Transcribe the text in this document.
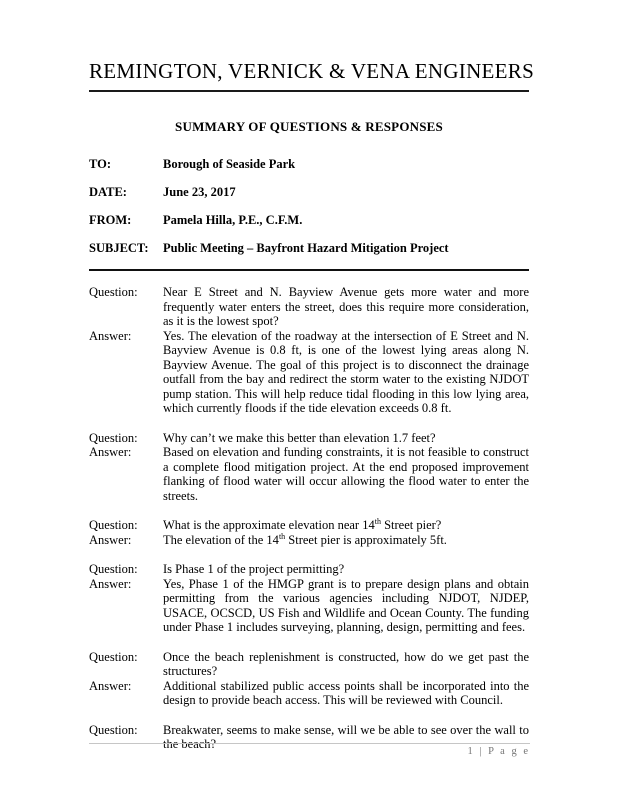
REMINGTON, VERNICK & VENA ENGINEERS
SUMMARY OF QUESTIONS & RESPONSES
TO:	Borough of Seaside Park
DATE:	June 23, 2017
FROM:	Pamela Hilla, P.E., C.F.M.
SUBJECT:	Public Meeting – Bayfront Hazard Mitigation Project
Question:	Near E Street and N. Bayview Avenue gets more water and more frequently water enters the street, does this require more consideration, as it is the lowest spot?
Answer:	Yes. The elevation of the roadway at the intersection of E Street and N. Bayview Avenue is 0.8 ft, is one of the lowest lying areas along N. Bayview Avenue. The goal of this project is to disconnect the drainage outfall from the bay and redirect the storm water to the existing NJDOT pump station. This will help reduce tidal flooding in this low lying area, which currently floods if the tide elevation exceeds 0.8 ft.
Question:	Why can’t we make this better than elevation 1.7 feet?
Answer:	Based on elevation and funding constraints, it is not feasible to construct a complete flood mitigation project. At the end proposed improvement flanking of flood water will occur allowing the flood water to enter the streets.
Question:	What is the approximate elevation near 14th Street pier?
Answer:	The elevation of the 14th Street pier is approximately 5ft.
Question:	Is Phase 1 of the project permitting?
Answer:	Yes, Phase 1 of the HMGP grant is to prepare design plans and obtain permitting from the various agencies including NJDOT, NJDEP, USACE, OCSCD, US Fish and Wildlife and Ocean County. The funding under Phase 1 includes surveying, planning, design, permitting and fees.
Question:	Once the beach replenishment is constructed, how do we get past the structures?
Answer:	Additional stabilized public access points shall be incorporated into the design to provide beach access. This will be reviewed with Council.
Question:	Breakwater, seems to make sense, will we be able to see over the wall to the beach?
1 | P a g e
